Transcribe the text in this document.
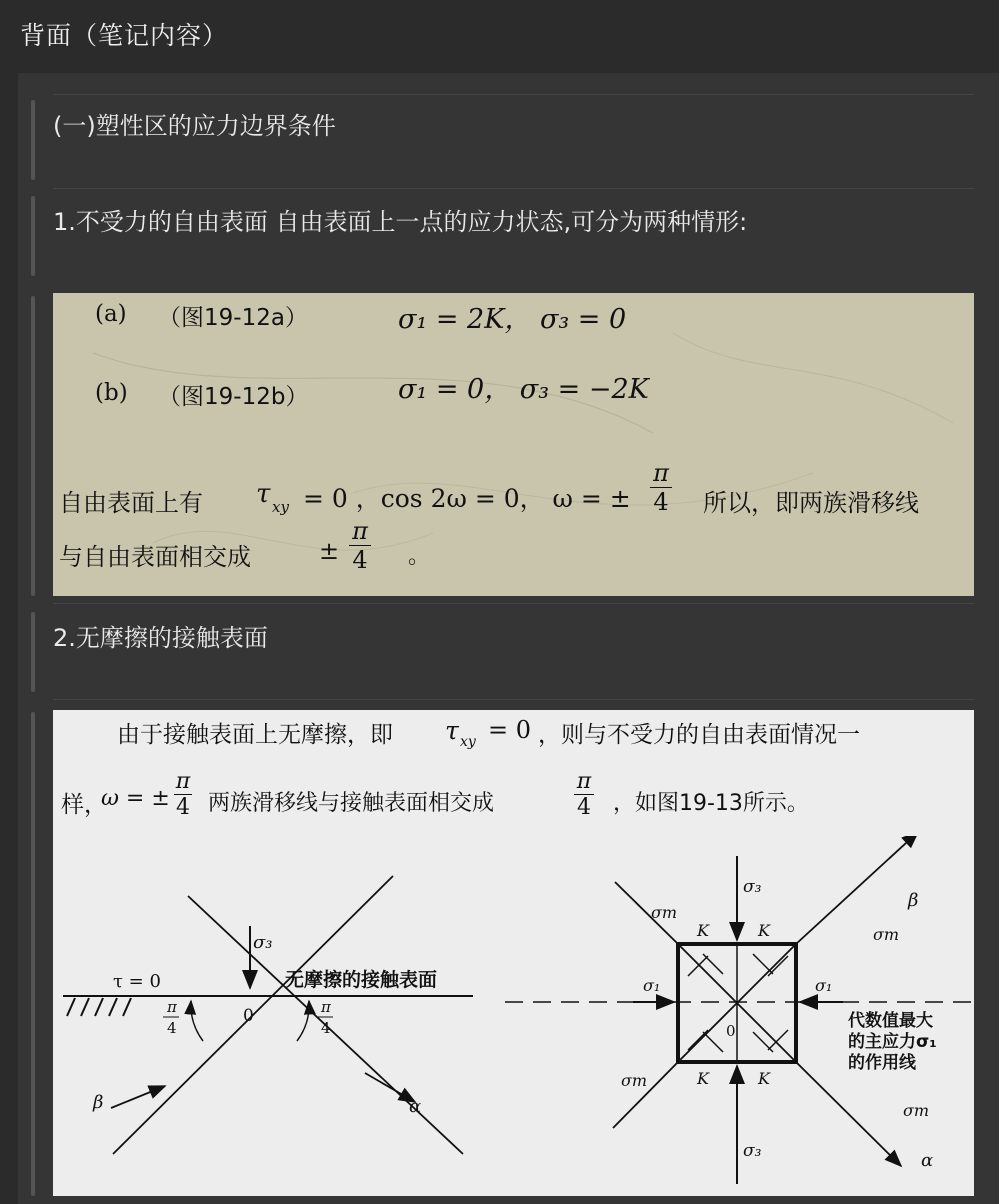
背面（笔记内容）
(一)塑性区的应力边界条件
1.不受力的自由表面 自由表面上一点的应力状态,可分为两种情形:
(a) （图19-12a）	σ₁ = 2K， σ₃ = 0
(b) （图19-12b）	σ₁ = 0， σ₃ = −2K
自由表面上有 τ xy = 0 ，cos 2ω = 0， ω = ±
π
4 所以，即两族滑移线
与自由表面相交成	±
π
4 。
2.无摩擦的接触表面
由于接触表面上无摩擦，即 τ xy = 0 ，则与不受力的自由表面情况一
样，
ω = ±
π
4 两族滑移线与接触表面相交成
π
4 ，如图19-13所示。
τ = 0
σ₃
无摩擦的接触表面
0
β	α
π
4
π
4
σ₃
σ₃
β
α
σm
σm
σm
σm
K	K
K	K
σ₁	σ₁
0	代数值最大
的主应力σ₁
的作用线
